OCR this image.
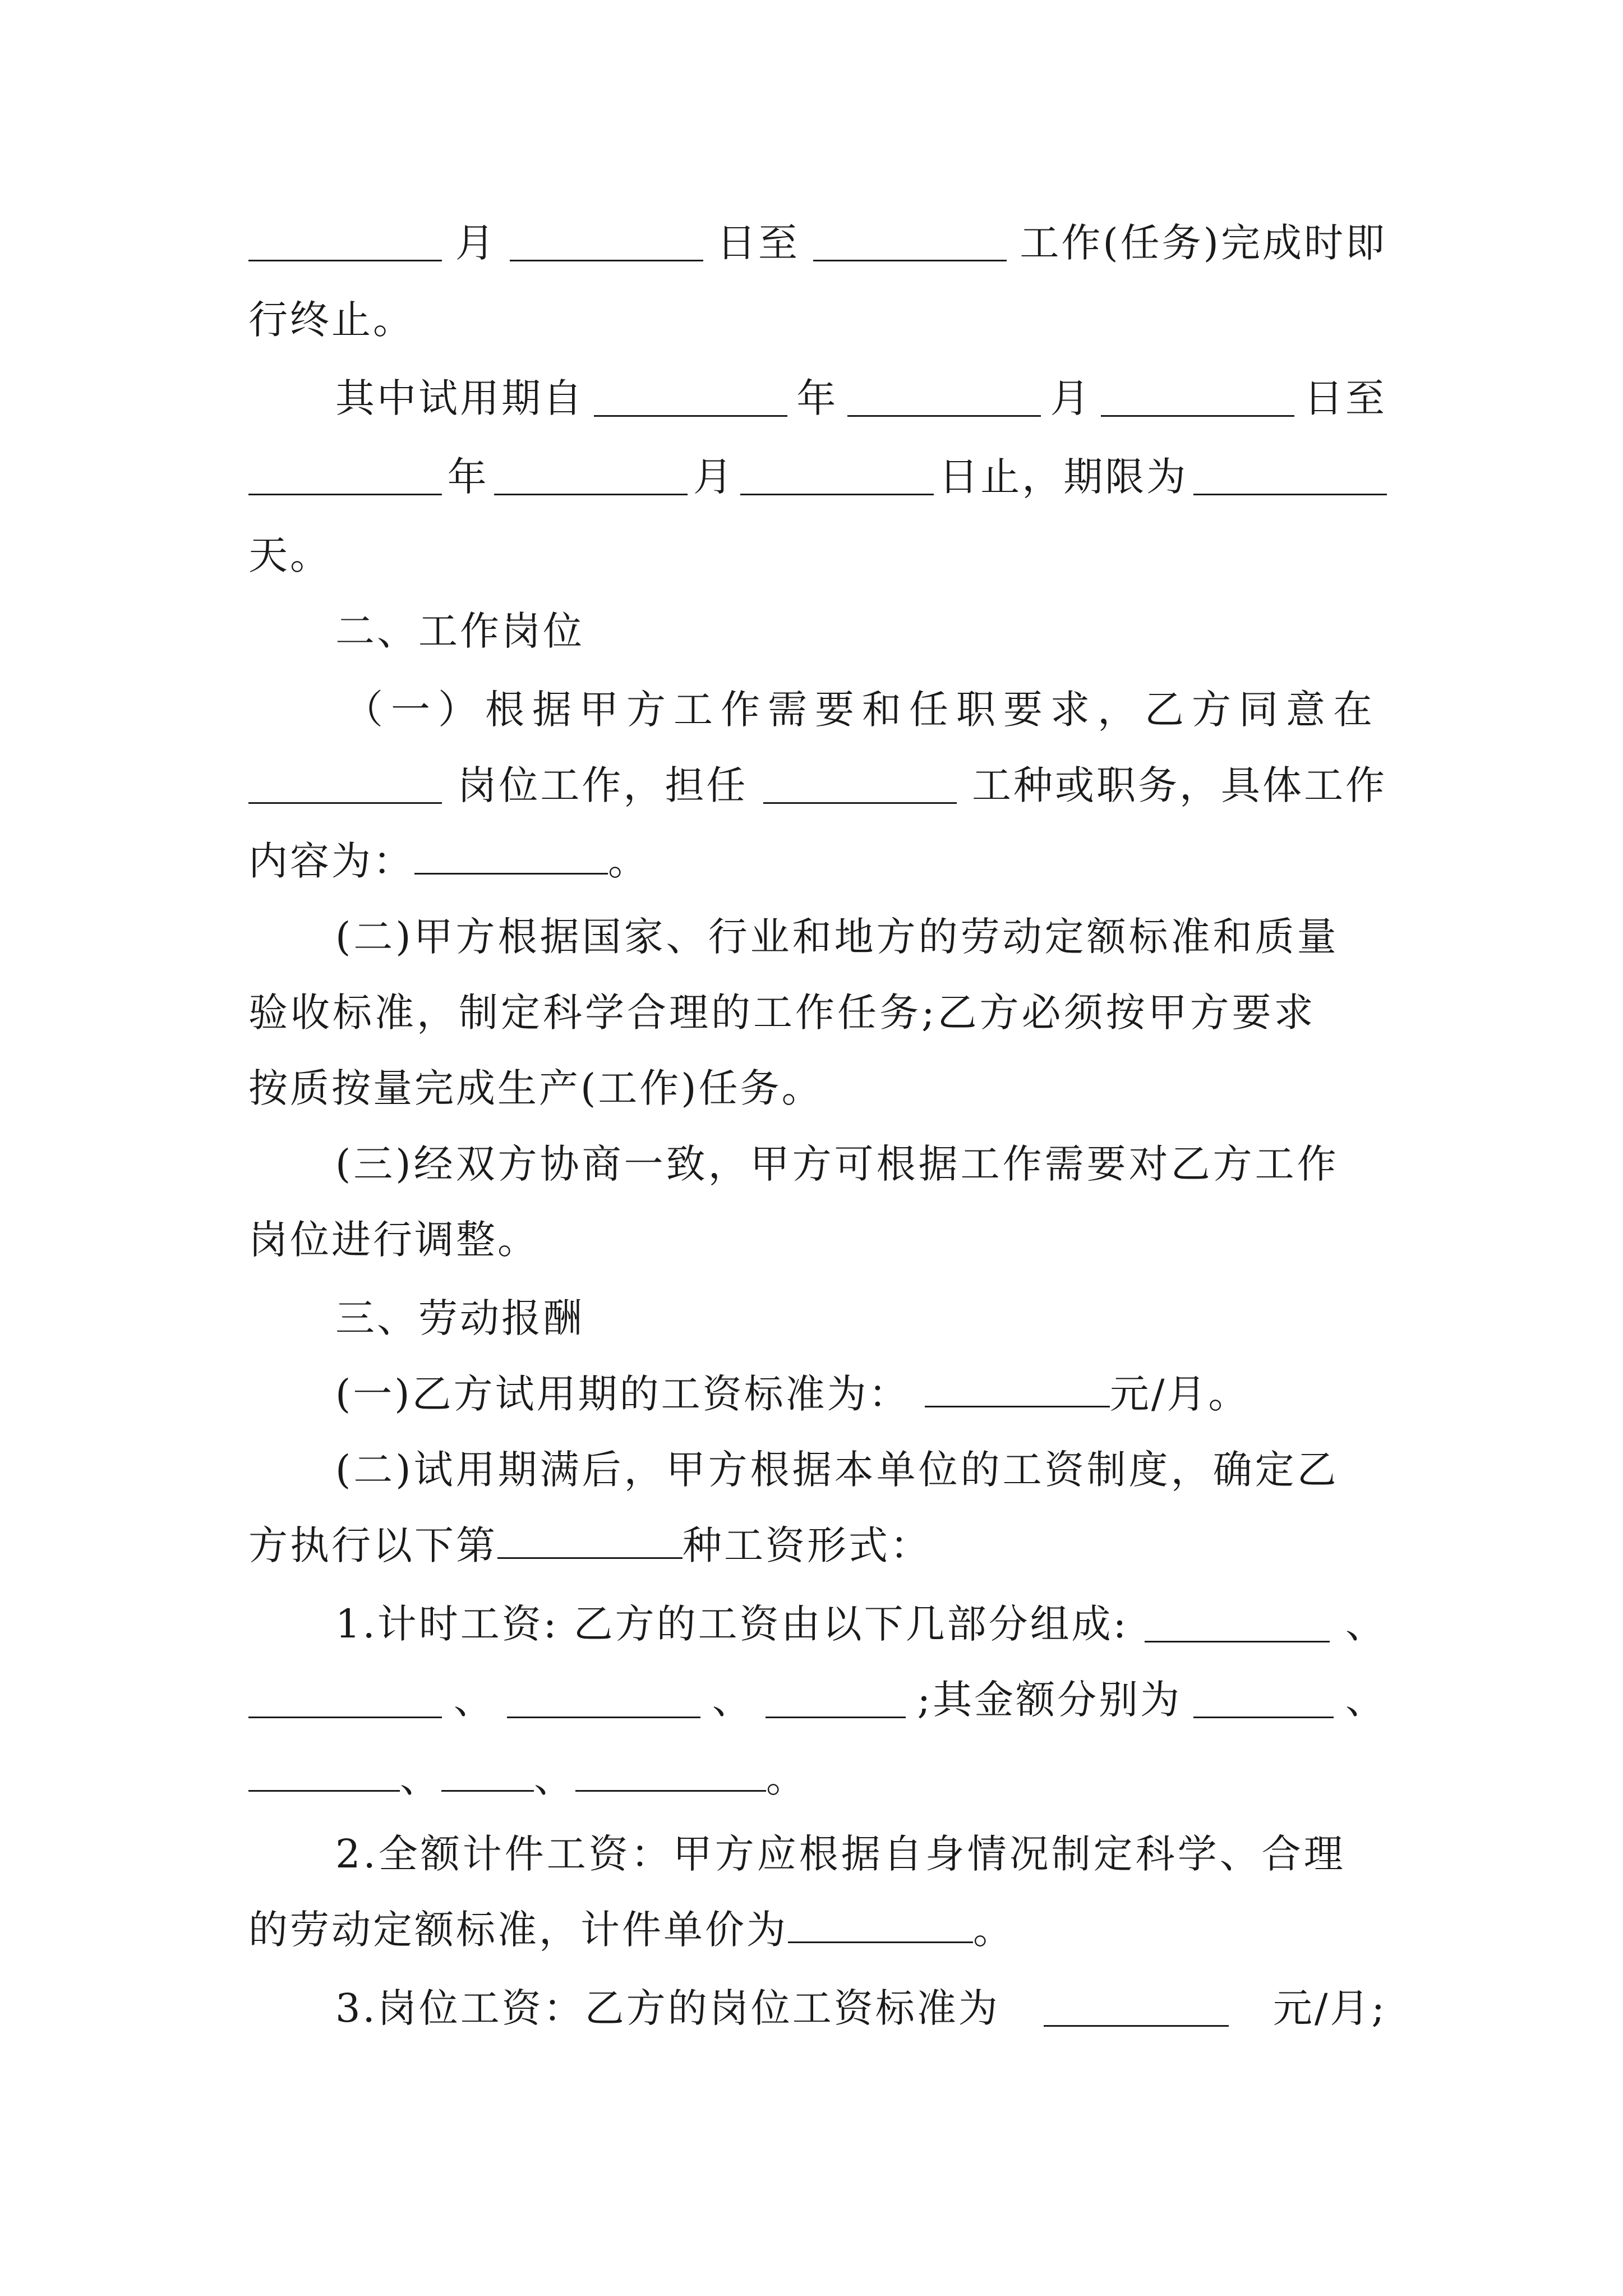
月	日至	工作(任务)完成时即
行终止。
其中试用期自	年	月	日至
年	月	日止，期限为
天。
二、工作岗位
（一）根据甲方工作需要和任职要求，乙方同意在
岗位工作，担任	工种或职务，具体工作
内容为：	。
(二)甲方根据国家、行业和地方的劳动定额标准和质量
验收标准，制定科学合理的工作任务;乙方必须按甲方要求
按质按量完成生产(工作)任务。
(三)经双方协商一致，甲方可根据工作需要对乙方工作
岗位进行调整。
三、劳动报酬
(一)乙方试用期的工资标准为：	元/月。
(二)试用期满后，甲方根据本单位的工资制度，确定乙
方执行以下第	种工资形式：
1.计时工资: 乙方的工资由以下几部分组成:	、
、	、	;其金额分别为	、
、 、	。
2.全额计件工资：甲方应根据自身情况制定科学、合理
的劳动定额标准，计件单价为	。
3.岗位工资：乙方的岗位工资标准为	元/月;
